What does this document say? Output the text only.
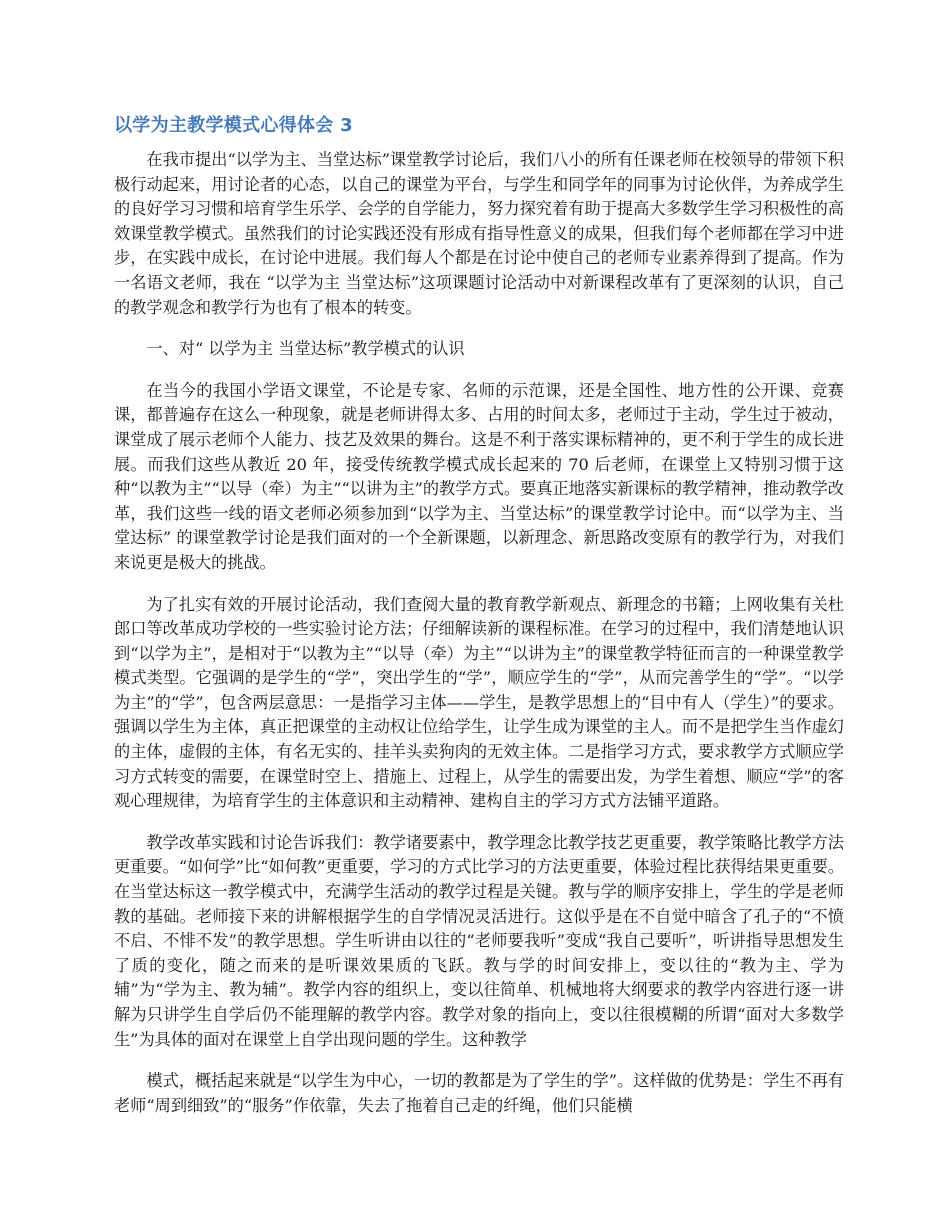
以学为主教学模式心得体会 3

在我市提出“以学为主、当堂达标”课堂教学讨论后，我们八小的所有任课老师在校领导的带领下积极行动起来，用讨论者的心态，以自己的课堂为平台，与学生和同学年的同事为讨论伙伴，为养成学生的良好学习习惯和培育学生乐学、会学的自学能力，努力探究着有助于提高大多数学生学习积极性的高效课堂教学模式。虽然我们的讨论实践还没有形成有指导性意义的成果，但我们每个老师都在学习中进步，在实践中成长，在讨论中进展。我们每人个都是在讨论中使自己的老师专业素养得到了提高。作为一名语文老师，我在 “以学为主 当堂达标”这项课题讨论活动中对新课程改革有了更深刻的认识，自己的教学观念和教学行为也有了根本的转变。

一、对“ 以学为主 当堂达标”教学模式的认识

在当今的我国小学语文课堂，不论是专家、名师的示范课，还是全国性、地方性的公开课、竞赛课，都普遍存在这么一种现象，就是老师讲得太多、占用的时间太多，老师过于主动，学生过于被动，课堂成了展示老师个人能力、技艺及效果的舞台。这是不利于落实课标精神的，更不利于学生的成长进展。而我们这些从教近 20 年，接受传统教学模式成长起来的 70 后老师，在课堂上又特别习惯于这种“以教为主”“以导（牵）为主”“以讲为主”的教学方式。要真正地落实新课标的教学精神，推动教学改革，我们这些一线的语文老师必须参加到“以学为主、当堂达标”的课堂教学讨论中。而“以学为主、当堂达标” 的课堂教学讨论是我们面对的一个全新课题，以新理念、新思路改变原有的教学行为，对我们来说更是极大的挑战。

为了扎实有效的开展讨论活动，我们查阅大量的教育教学新观点、新理念的书籍；上网收集有关杜郎口等改革成功学校的一些实验讨论方法；仔细解读新的课程标准。在学习的过程中，我们清楚地认识到“以学为主”，是相对于“以教为主”“以导（牵）为主”“以讲为主”的课堂教学特征而言的一种课堂教学模式类型。它强调的是学生的“学”，突出学生的“学”，顺应学生的“学”，从而完善学生的“学”。“以学为主”的“学”，包含两层意思：一是指学习主体——学生，是教学思想上的“目中有人（学生）”的要求。强调以学生为主体，真正把课堂的主动权让位给学生，让学生成为课堂的主人。而不是把学生当作虚幻的主体，虚假的主体，有名无实的、挂羊头卖狗肉的无效主体。二是指学习方式，要求教学方式顺应学习方式转变的需要，在课堂时空上、措施上、过程上，从学生的需要出发，为学生着想、顺应“学”的客观心理规律，为培育学生的主体意识和主动精神、建构自主的学习方式方法铺平道路。

教学改革实践和讨论告诉我们：教学诸要素中，教学理念比教学技艺更重要，教学策略比教学方法更重要。“如何学”比“如何教”更重要，学习的方式比学习的方法更重要，体验过程比获得结果更重要。在当堂达标这一教学模式中，充满学生活动的教学过程是关键。教与学的顺序安排上，学生的学是老师教的基础。老师接下来的讲解根据学生的自学情况灵活进行。这似乎是在不自觉中暗含了孔子的“不愤不启、不悱不发”的教学思想。学生听讲由以往的“老师要我听”变成“我自己要听”，听讲指导思想发生了质的变化，随之而来的是听课效果质的飞跃。教与学的时间安排上，变以往的“教为主、学为辅”为“学为主、教为辅”。教学内容的组织上，变以往简单、机械地将大纲要求的教学内容进行逐一讲解为只讲学生自学后仍不能理解的教学内容。教学对象的指向上，变以往很模糊的所谓“面对大多数学生”为具体的面对在课堂上自学出现问题的学生。这种教学

模式，概括起来就是“以学生为中心，一切的教都是为了学生的学”。这样做的优势是：学生不再有老师“周到细致”的“服务”作依靠，失去了拖着自己走的纤绳，他们只能横
